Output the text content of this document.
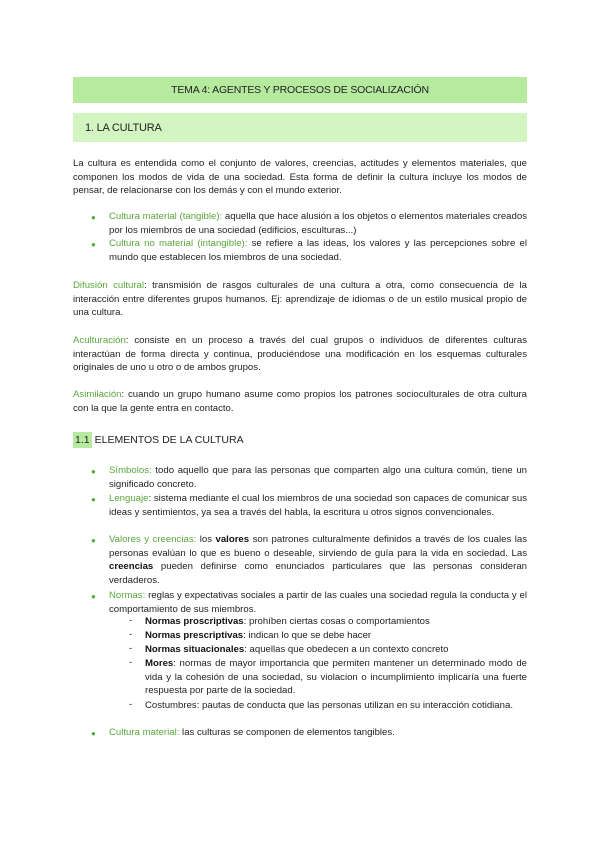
TEMA 4: AGENTES Y PROCESOS DE SOCIALIZACIÓN
1. LA CULTURA
La cultura es entendida como el conjunto de valores, creencias, actitudes y elementos materiales, que componen los modos de vida de una sociedad. Esta forma de definir la cultura incluye los modos de pensar, de relacionarse con los demás y con el mundo exterior.
● Cultura material (tangible): aquella que hace alusión a los objetos o elementos materiales creados por los miembros de una sociedad (edificios, esculturas...)
● Cultura no material (intangible): se refiere a las ideas, los valores y las percepciones sobre el mundo que establecen los miembros de una sociedad.
Difusión cultural: transmisión de rasgos culturales de una cultura a otra, como consecuencia de la interacción entre diferentes grupos humanos. Ej: aprendizaje de idiomas o de un estilo musical propio de una cultura.
Aculturación: consiste en un proceso a través del cual grupos o individuos de diferentes culturas interactúan de forma directa y continua, produciéndose una modificación en los esquemas culturales originales de uno u otro o de ambos grupos.
Asimilación: cuando un grupo humano asume como propios los patrones socioculturales de otra cultura con la que la gente entra en contacto.
1.1 ELEMENTOS DE LA CULTURA
● Símbolos: todo aquello que para las personas que comparten algo una cultura común, tiene un significado concreto.
● Lenguaje: sistema mediante el cual los miembros de una sociedad son capaces de comunicar sus ideas y sentimientos, ya sea a través del habla, la escritura u otros signos convencionales.
● Valores y creencias: los valores son patrones culturalmente definidos a través de los cuales las personas evalúan lo que es bueno o deseable, sirviendo de guía para la vida en sociedad. Las creencias pueden definirse como enunciados particulares que las personas consideran verdaderos.
● Normas: reglas y expectativas sociales a partir de las cuales una sociedad regula la conducta y el comportamiento de sus miembros.
- Normas proscriptivas: prohíben ciertas cosas o comportamientos
- Normas prescriptivas: indican lo que se debe hacer
- Normas situacionales: aquellas que obedecen a un contexto concreto
- Mores: normas de mayor importancia que permiten mantener un determinado modo de vida y la cohesión de una sociedad, su violacion o incumplimiento implicaría una fuerte respuesta por parte de la sociedad.
- Costumbres: pautas de conducta que las personas utilizan en su interacción cotidiana.
● Cultura material: las culturas se componen de elementos tangibles.
